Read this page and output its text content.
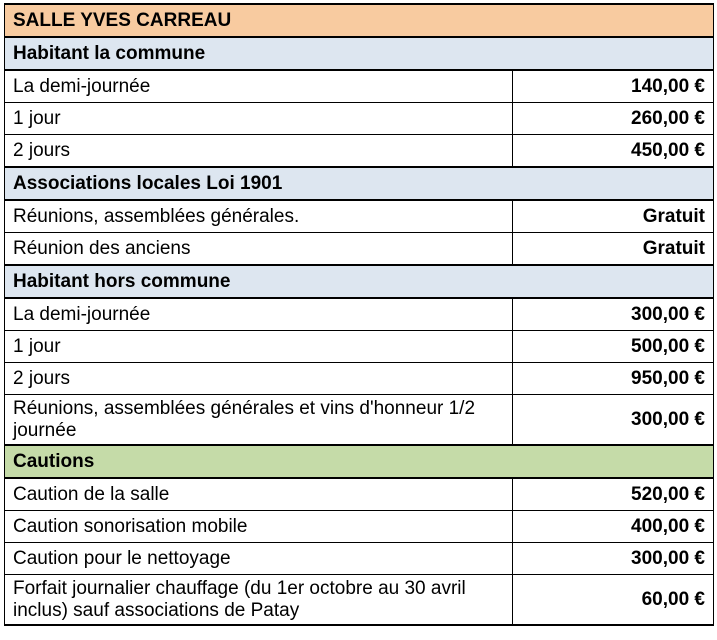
SALLE YVES CARREAU	
Habitant la commune	
La demi-journée	140,00 €
1 jour	260,00 €
2 jours	450,00 €
Associations locales Loi 1901	
Réunions, assemblées générales.	Gratuit
Réunion des anciens	Gratuit
Habitant hors commune	
La demi-journée	300,00 €
1 jour	500,00 €
2 jours	950,00 €
Réunions, assemblées générales et vins d'honneur 1/2 journée	300,00 €
Cautions	
Caution de la salle	520,00 €
Caution sonorisation mobile	400,00 €
Caution pour le nettoyage	300,00 €
Forfait journalier chauffage (du 1er octobre au 30 avril inclus) sauf associations de Patay	60,00 €
